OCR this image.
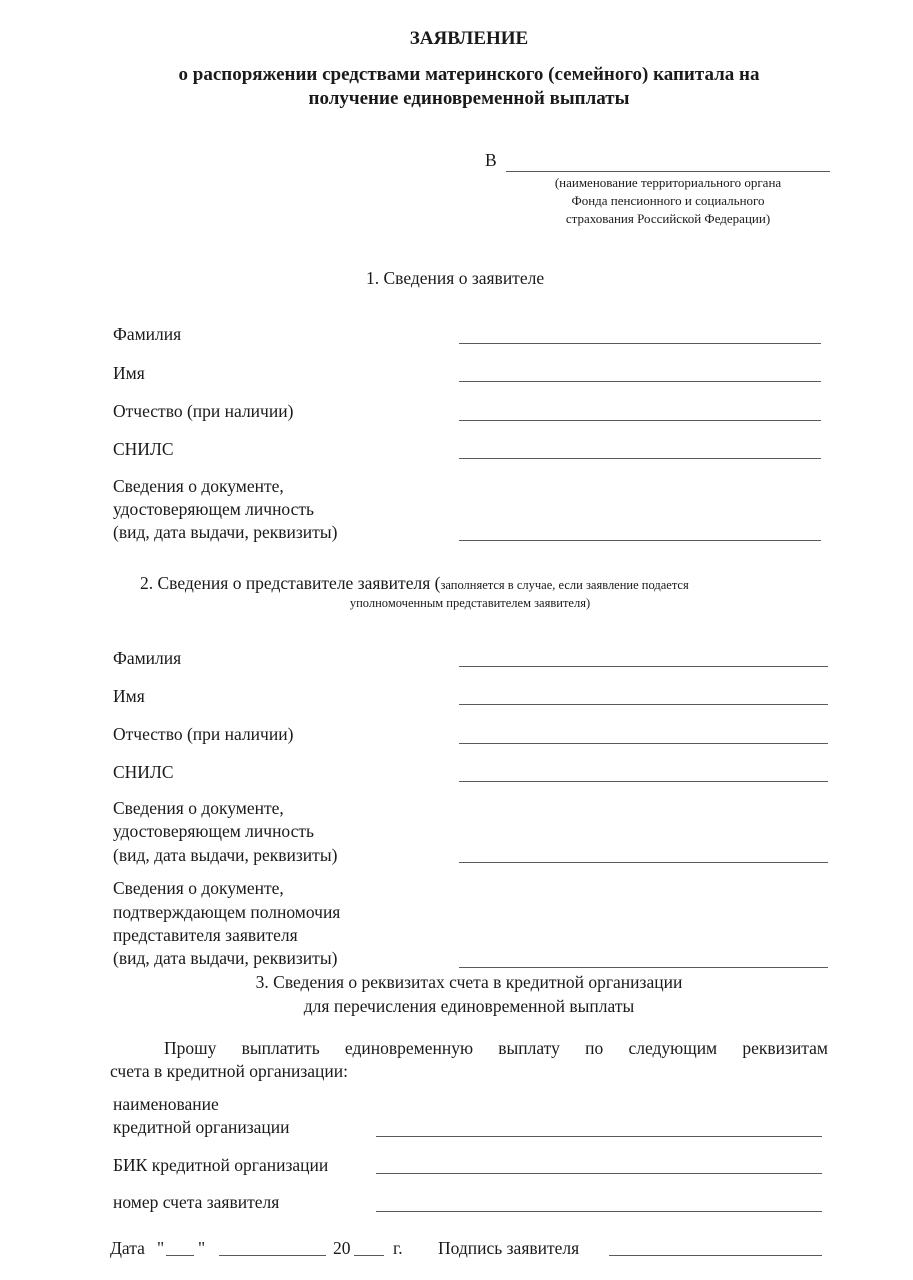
ЗАЯВЛЕНИЕ
о распоряжении средствами материнского (семейного) капитала на
получение единовременной выплаты
В
(наименование территориального органа
Фонда пенсионного и социального
страхования Российской Федерации)
1. Сведения о заявителе
Фамилия
Имя
Отчество (при наличии)
СНИЛС
Сведения о документе,
удостоверяющем личность
(вид, дата выдачи, реквизиты)
2. Сведения о представителе заявителя (заполняется в случае, если заявление подается
уполномоченным представителем заявителя)
Фамилия
Имя
Отчество (при наличии)
СНИЛС
Сведения о документе,
удостоверяющем личность
(вид, дата выдачи, реквизиты)
Сведения о документе,
подтверждающем полномочия
представителя заявителя
(вид, дата выдачи, реквизиты)
3. Сведения о реквизитах счета в кредитной организации
для перечисления единовременной выплаты
Прошу выплатить единовременную выплату по следующим реквизитам
счета в кредитной организации:
наименование
кредитной организации
БИК кредитной организации
номер счета заявителя
Дата " "	20 г. Подпись заявителя
